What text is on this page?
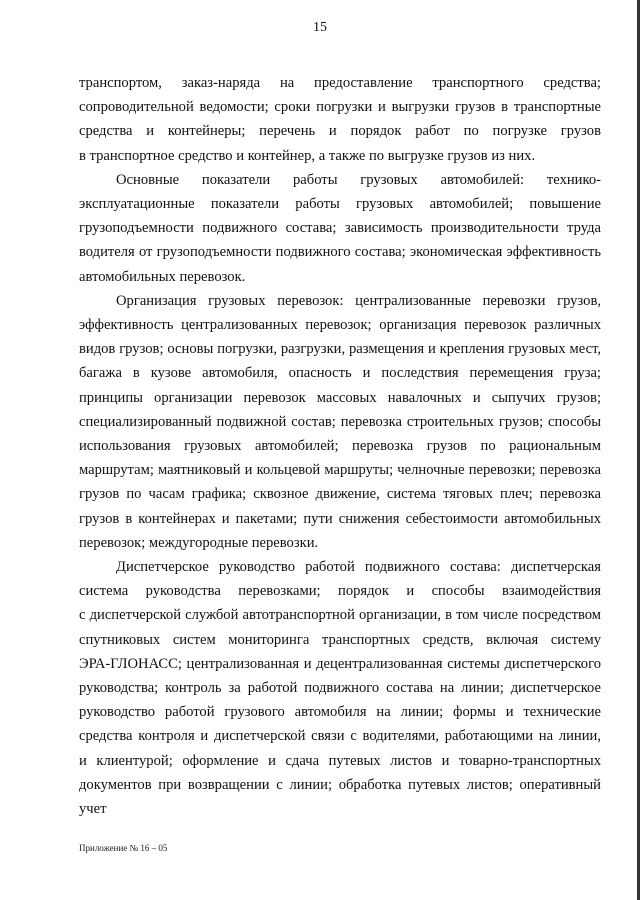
15

транспортом, заказ-наряда на предоставление транспортного средства;
сопроводительной ведомости; сроки погрузки и выгрузки грузов в транспортные
средства и контейнеры; перечень и порядок работ по погрузке грузов
в транспортное средство и контейнер, а также по выгрузке грузов из них.

Основные показатели работы грузовых автомобилей: технико-
эксплуатационные показатели работы грузовых автомобилей; повышение
грузоподъемности подвижного состава; зависимость производительности труда
водителя от грузоподъемности подвижного состава; экономическая эффективность
автомобильных перевозок.

Организация грузовых перевозок: централизованные перевозки грузов,
эффективность централизованных перевозок; организация перевозок различных
видов грузов; основы погрузки, разгрузки, размещения и крепления грузовых мест,
багажа в кузове автомобиля, опасность и последствия перемещения груза;
принципы организации перевозок массовых навалочных и сыпучих грузов;
специализированный подвижной состав; перевозка строительных грузов; способы
использования грузовых автомобилей; перевозка грузов по рациональным
маршрутам; маятниковый и кольцевой маршруты; челночные перевозки; перевозка
грузов по часам графика; сквозное движение, система тяговых плеч; перевозка
грузов в контейнерах и пакетами; пути снижения себестоимости автомобильных
перевозок; междугородные перевозки.

Диспетчерское руководство работой подвижного состава: диспетчерская
система руководства перевозками; порядок и способы взаимодействия
с диспетчерской службой автотранспортной организации, в том числе посредством
спутниковых систем мониторинга транспортных средств, включая систему
ЭРА-ГЛОНАСС; централизованная и децентрализованная системы диспетчерского
руководства; контроль за работой подвижного состава на линии; диспетчерское
руководство работой грузового автомобиля на линии; формы и технические
средства контроля и диспетчерской связи с водителями, работающими на линии,
и клиентурой; оформление и сдача путевых листов и товарно-транспортных
документов при возвращении с линии; обработка путевых листов; оперативный учет

Приложение № 16 – 05
